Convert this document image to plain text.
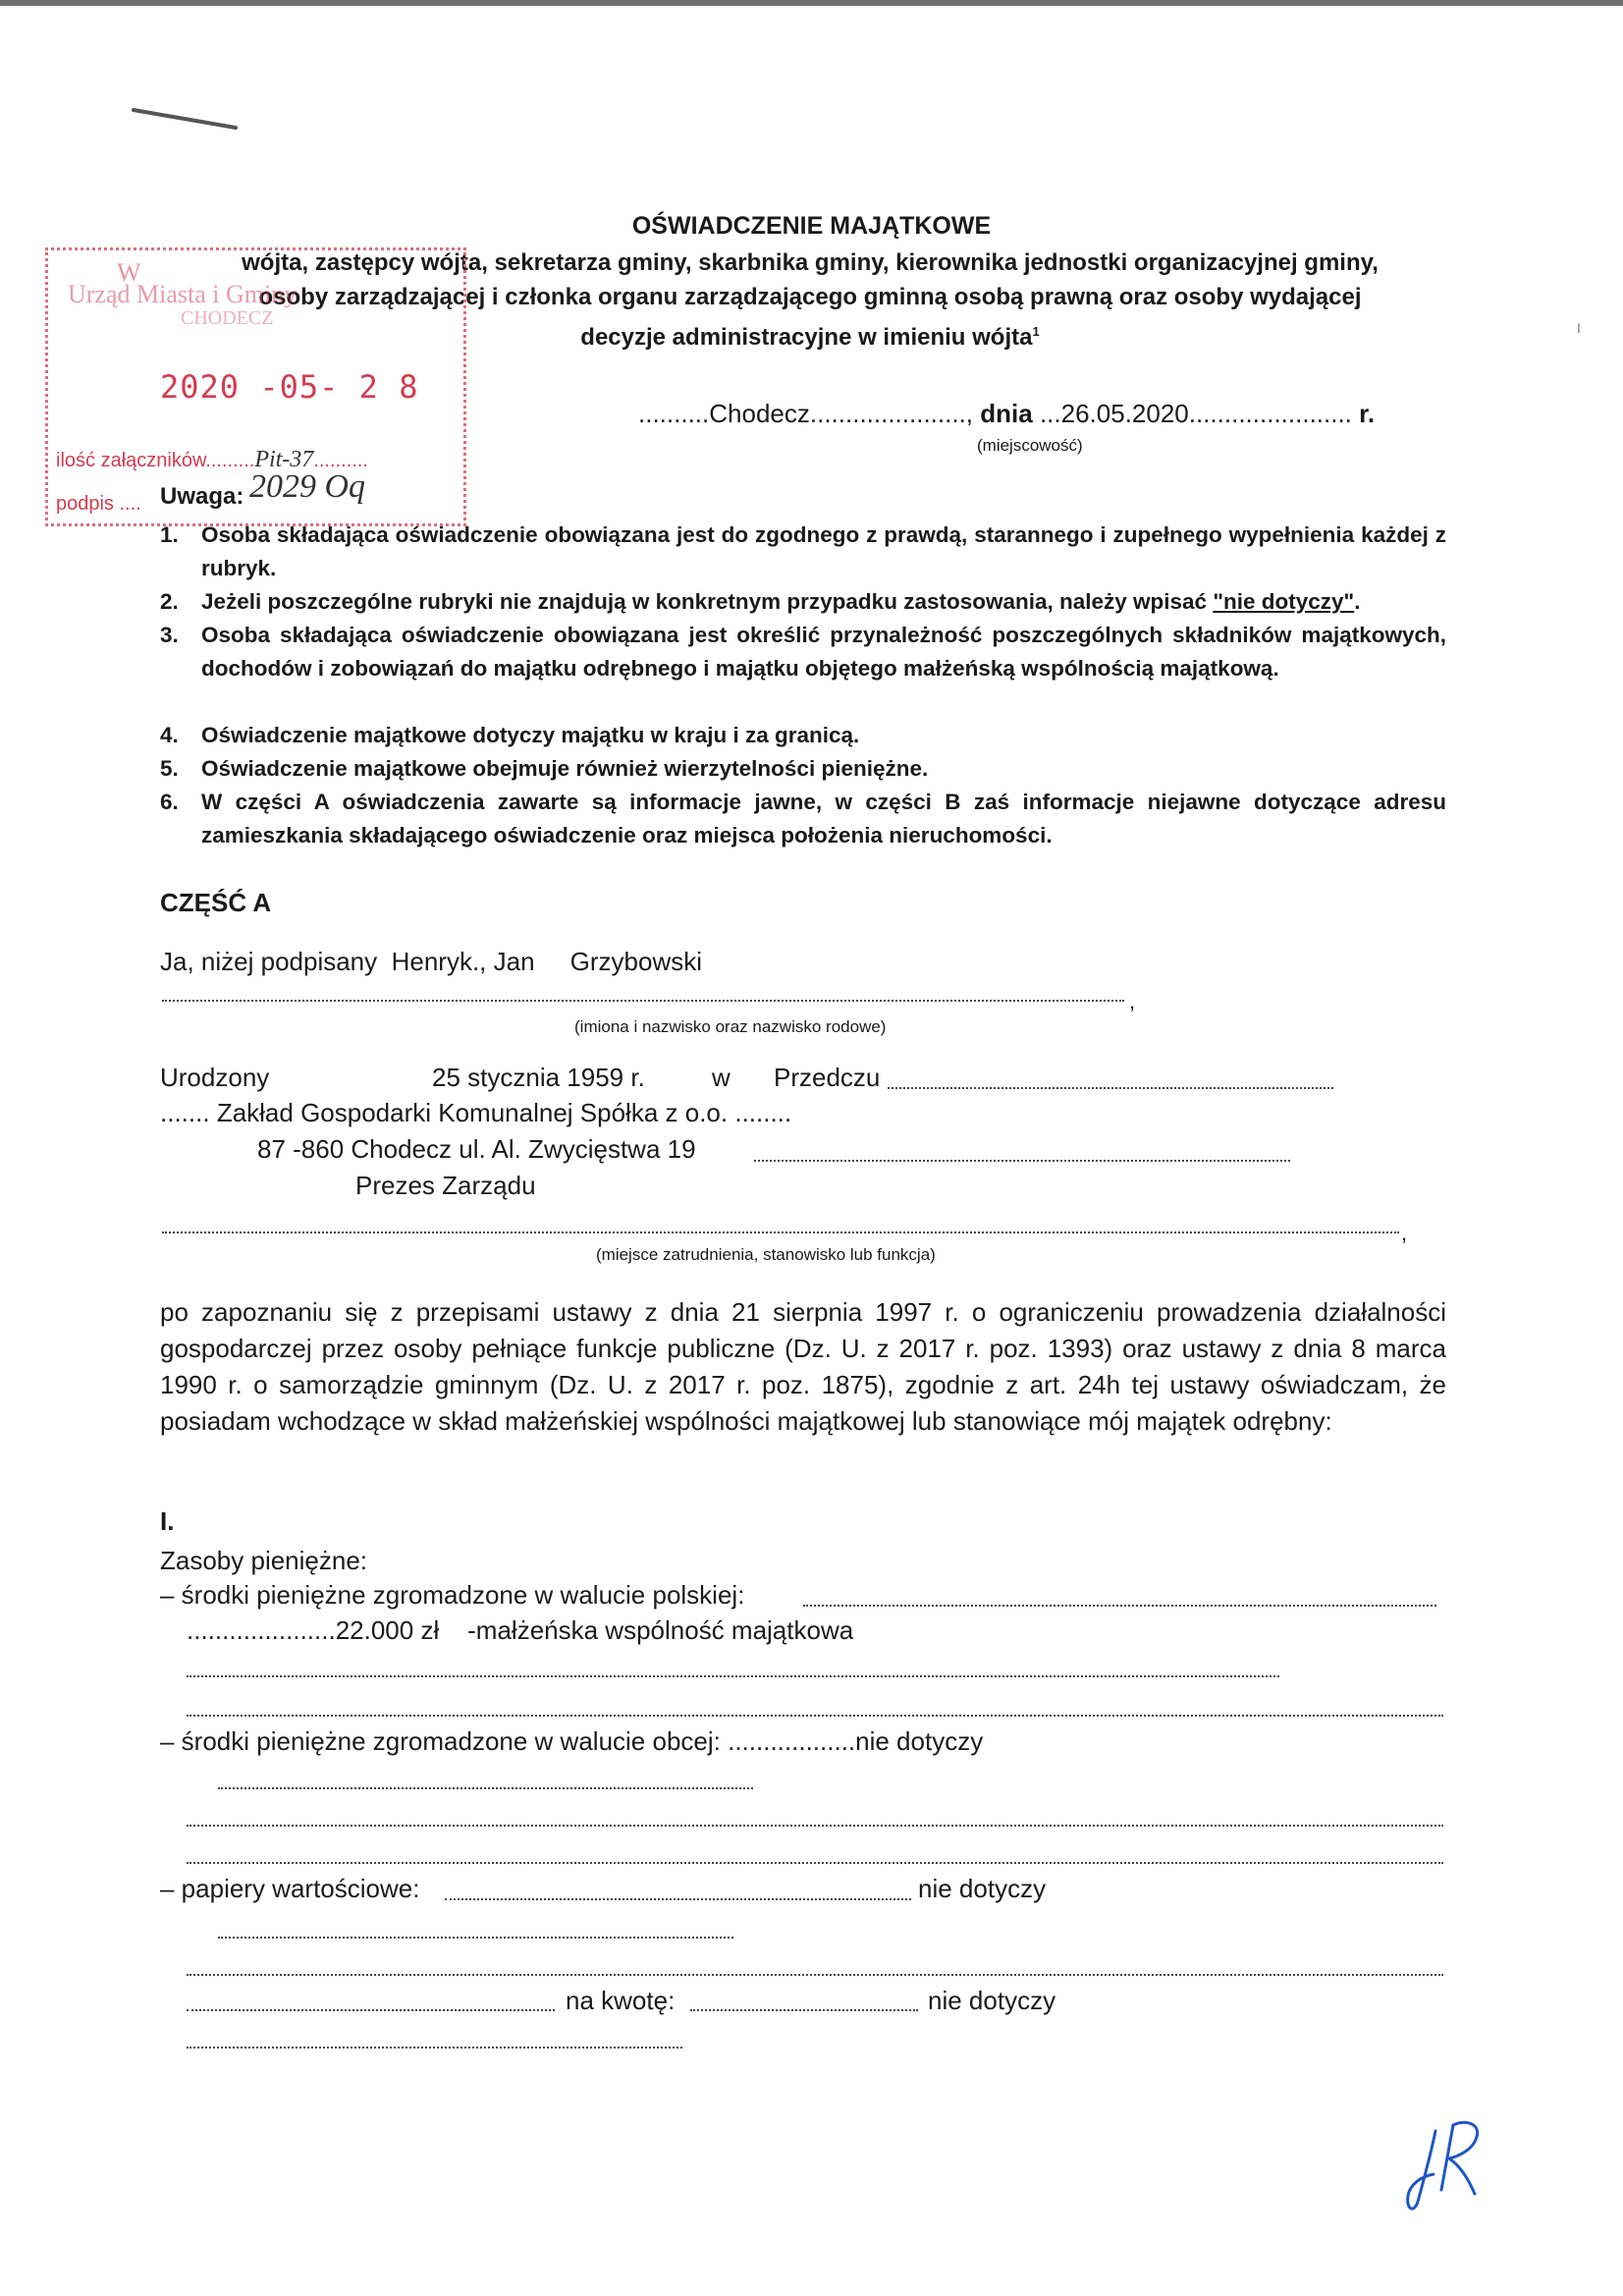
I
OŚWIADCZENIE MAJĄTKOWE
wójta, zastępcy wójta, sekretarza gminy, skarbnika gminy, kierownika jednostki organizacyjnej gminy,
osoby zarządzającej i członka organu zarządzającego gminną osobą prawną oraz osoby wydającej
decyzje administracyjne w imieniu wójta$^1$
..........Chodecz......................, dnia ...26.05.2020....................... r.
(miejscowość)
W
Urząd Miasta i Gminy
CHODECZ
2020 -05- 2 8
ilość załączników.........Pit-37..........
podpis ....	2029 Oq
Uwaga:
1.	Osoba składająca oświadczenie obowiązana jest do zgodnego z prawdą, starannego i zupełnego wypełnienia każdej z rubryk.
2.	Jeżeli poszczególne rubryki nie znajdują w konkretnym przypadku zastosowania, należy wpisać "nie dotyczy".
3.	Osoba składająca oświadczenie obowiązana jest określić przynależność poszczególnych składników majątkowych, dochodów i zobowiązań do majątku odrębnego i majątku objętego małżeńską wspólnością majątkową.
4.	Oświadczenie majątkowe dotyczy majątku w kraju i za granicą.
5.	Oświadczenie majątkowe obejmuje również wierzytelności pieniężne.
6.	W części A oświadczenia zawarte są informacje jawne, w części B zaś informacje niejawne dotyczące adresu zamieszkania składającego oświadczenie oraz miejsca położenia nieruchomości.
CZĘŚĆ A
Ja, niżej podpisany Henryk., Jan Grzybowski
,
(imiona i nazwisko oraz nazwisko rodowe)
Urodzony	25 stycznia 1959 r.	w Przedczu
....... Zakład Gospodarki Komunalnej Spółka z o.o. ........
87 -860 Chodecz ul. Al. Zwycięstwa 19
Prezes Zarządu
,
(miejsce zatrudnienia, stanowisko lub funkcja)
po zapoznaniu się z przepisami ustawy z dnia 21 sierpnia 1997 r. o ograniczeniu prowadzenia działalności gospodarczej przez osoby pełniące funkcje publiczne (Dz. U. z 2017 r. poz. 1393) oraz ustawy z dnia 8 marca 1990 r. o samorządzie gminnym (Dz. U. z 2017 r. poz. 1875), zgodnie z art. 24h tej ustawy oświadczam, że posiadam wchodzące w skład małżeńskiej wspólności majątkowej lub stanowiące mój majątek odrębny:
I.
Zasoby pieniężne:
– środki pieniężne zgromadzone w walucie polskiej:
.....................22.000 zł -małżeńska wspólność majątkowa
– środki pieniężne zgromadzone w walucie obcej: ..................nie dotyczy
– papiery wartościowe:	nie dotyczy
na kwotę:	nie dotyczy
